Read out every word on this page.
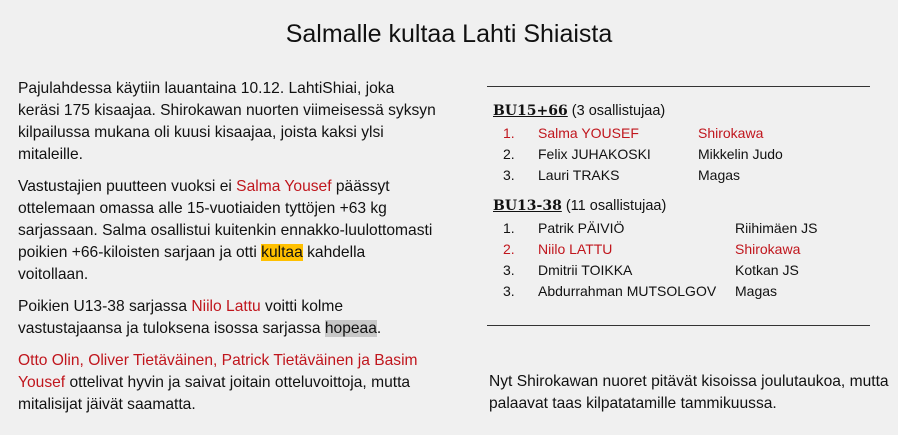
Salmalle kultaa Lahti Shiaista

Pajulahdessa käytiin lauantaina 10.12. LahtiShiai, joka keräsi 175 kisaajaa. Shirokawan nuorten viimeisessä syksyn kilpailussa mukana oli kuusi kisaajaa, joista kaksi ylsi mitaleille.

Vastustajien puutteen vuoksi ei Salma Yousef päässyt ottelemaan omassa alle 15-vuotiaiden tyttöjen +63 kg sarjassaan. Salma osallistui kuitenkin ennakko-luulottomasti poikien +66-kiloisten sarjaan ja otti kultaa kahdella voitollaan.

Poikien U13-38 sarjassa Niilo Lattu voitti kolme vastustajaansa ja tuloksena isossa sarjassa hopeaa.

Otto Olin, Oliver Tietäväinen, Patrick Tietäväinen ja Basim Yousef ottelivat hyvin ja saivat joitain otteluvoittoja, mutta mitalisijat jäivät saamatta.

BU15+66 (3 osallistujaa)
1.	Salma YOUSEF	Shirokawa
2.	Felix JUHAKOSKI	Mikkelin Judo
3.	Lauri TRAKS	Magas
BU13-38 (11 osallistujaa)
1.	Patrik PÄIVIÖ	Riihimäen JS
2.	Niilo LATTU	Shirokawa
3.	Dmitrii TOIKKA	Kotkan JS
3.	Abdurrahman MUTSOLGOV	Magas
Nyt Shirokawan nuoret pitävät kisoissa joulutaukoa, mutta palaavat taas kilpatatamille tammikuussa.
